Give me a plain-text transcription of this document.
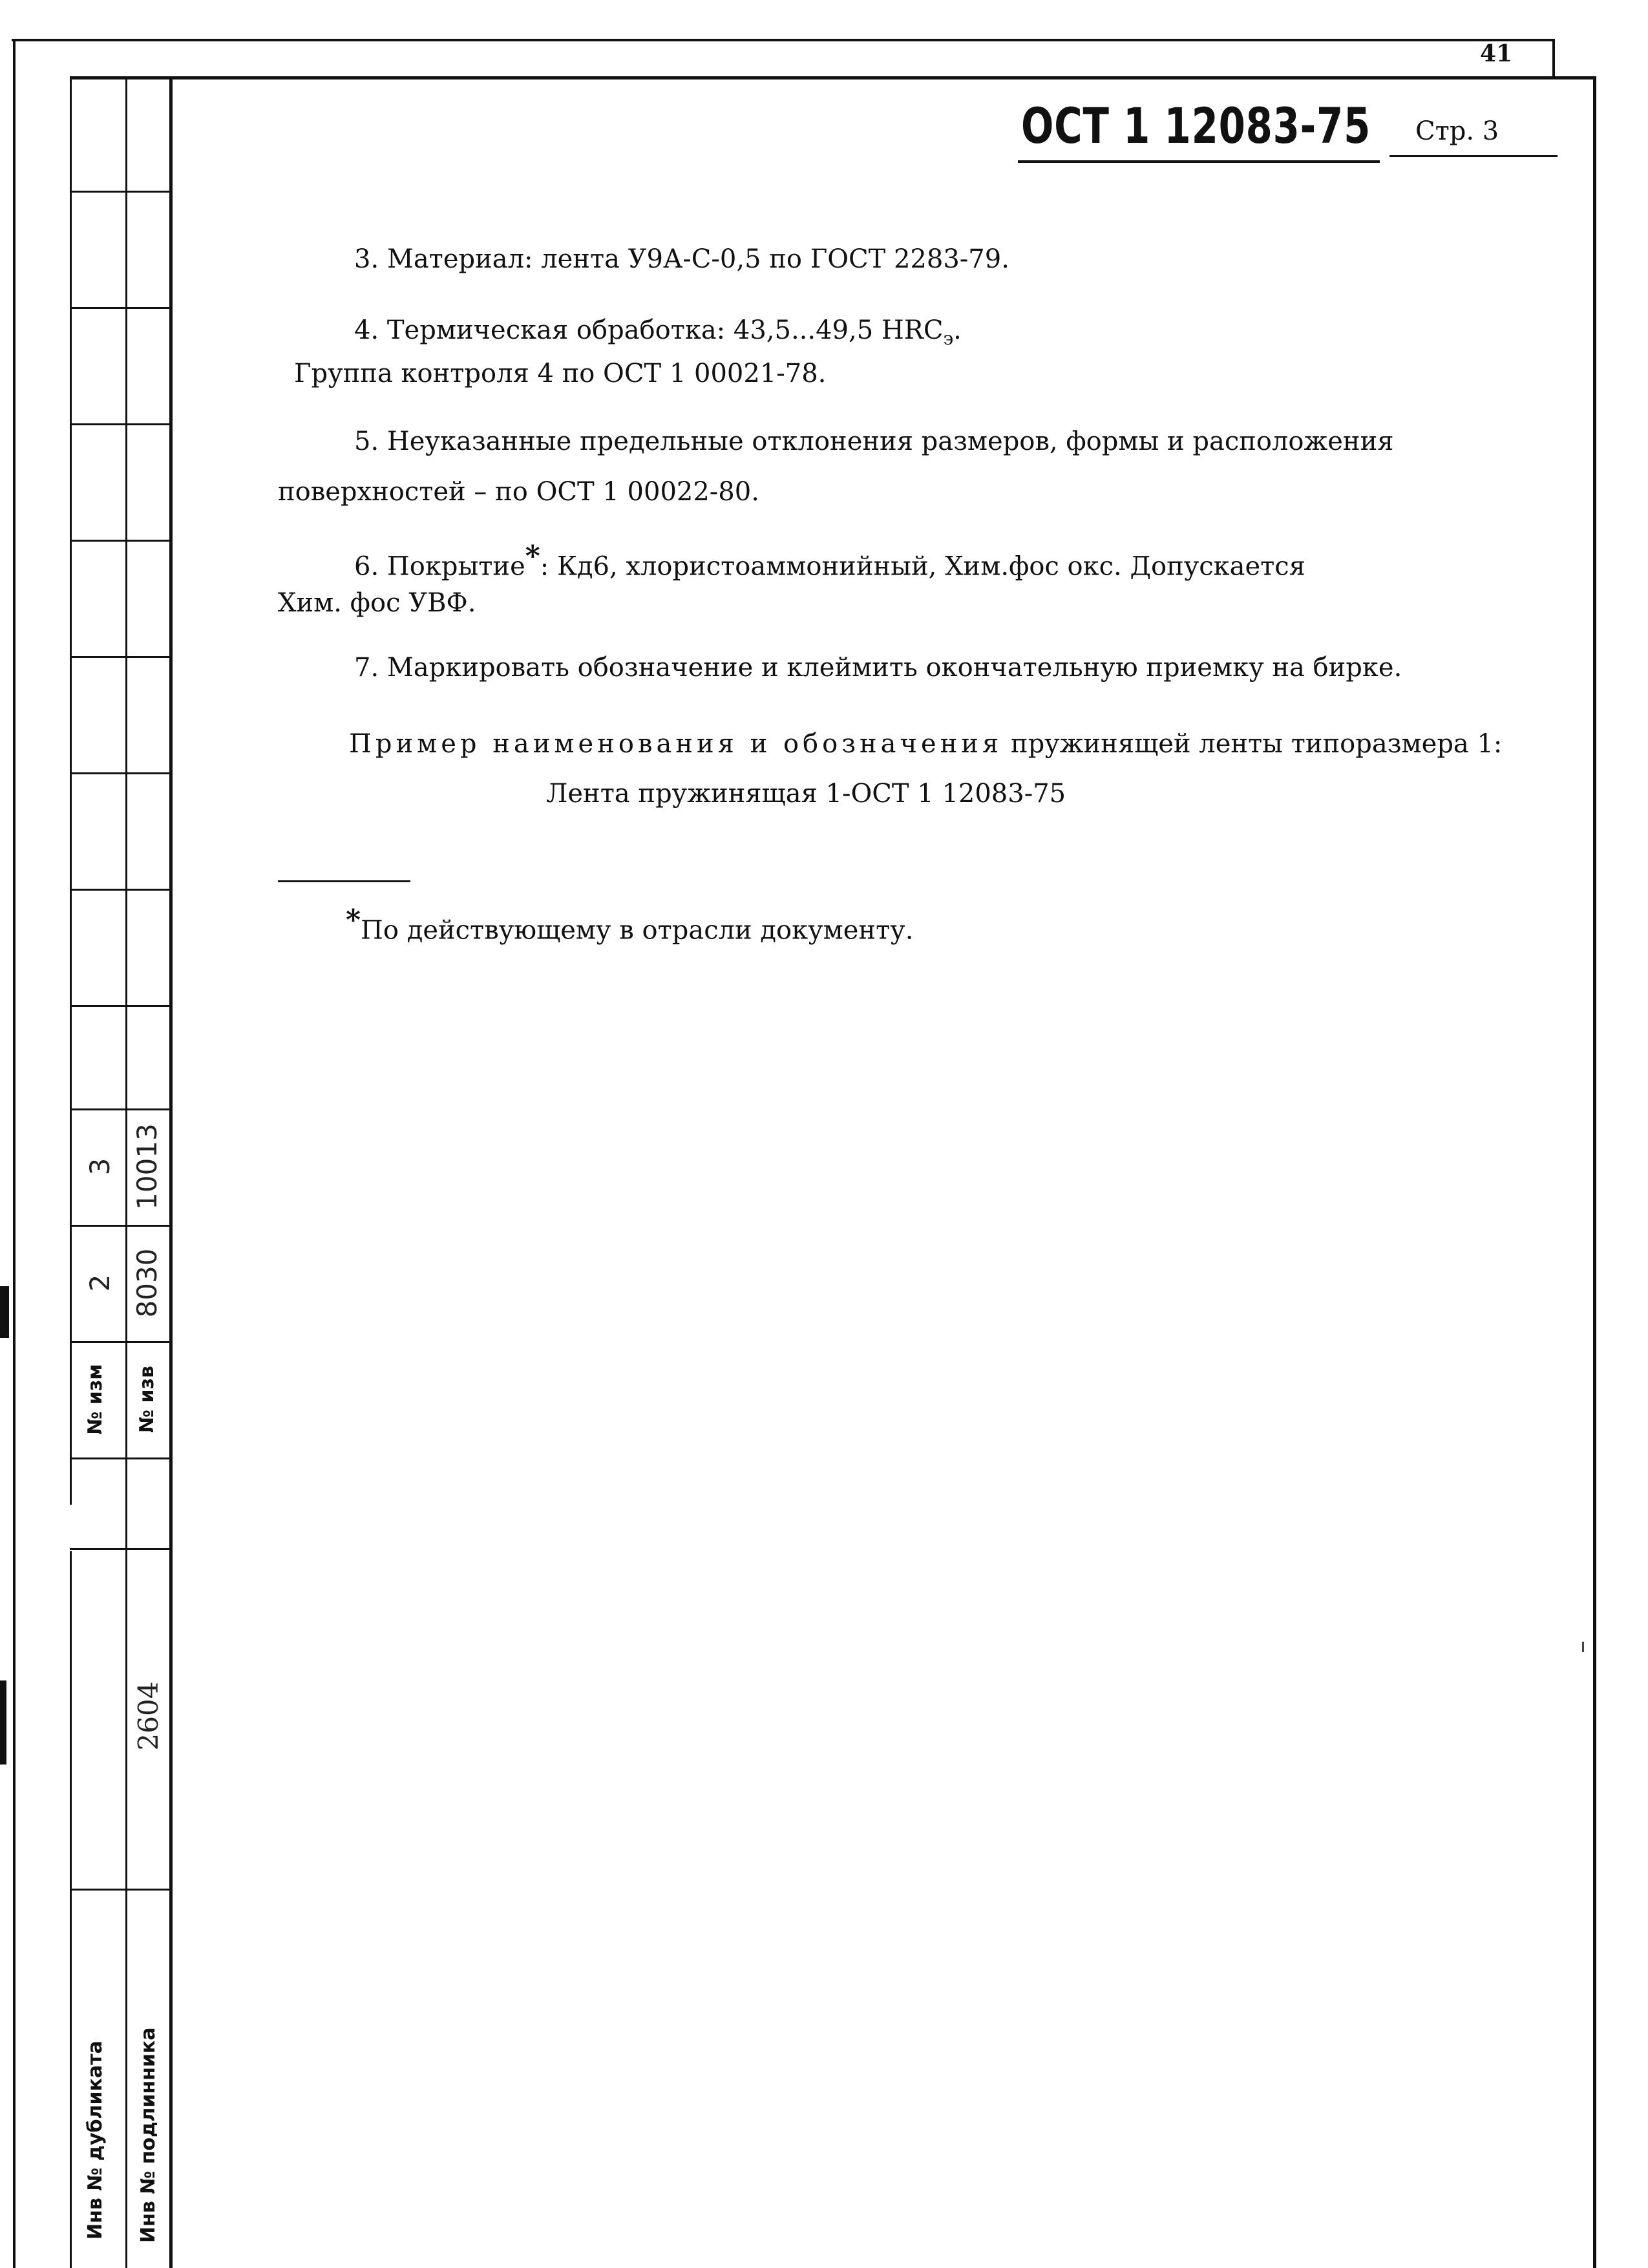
3 10013
2 8030
№ изм № изв
2604
Инв № дубликата Инв № подлинника
41
ОСТ 1 12083-75 Стр. 3
3. Материал: лента У9А-С-0,5 по ГОСТ 2283-79.
4. Термическая обработка: 43,5...49,5 $HRC_э$.
Группа контроля 4 по ОСТ 1 00021-78.
5. Неуказанные предельные отклонения размеров, формы и расположения
поверхностей – по ОСТ 1 00022-80.
6. Покрытие*: Кд6, хлористоаммонийный, Хим.фос окс. Допускается
Хим. фос УВФ.
7. Маркировать обозначение и клеймить окончательную приемку на бирке.
Пример наименования и обозначения пружинящей ленты типоразмера 1:
Лента пружинящая 1-ОСТ 1 12083-75
*По действующему в отрасли документу.
